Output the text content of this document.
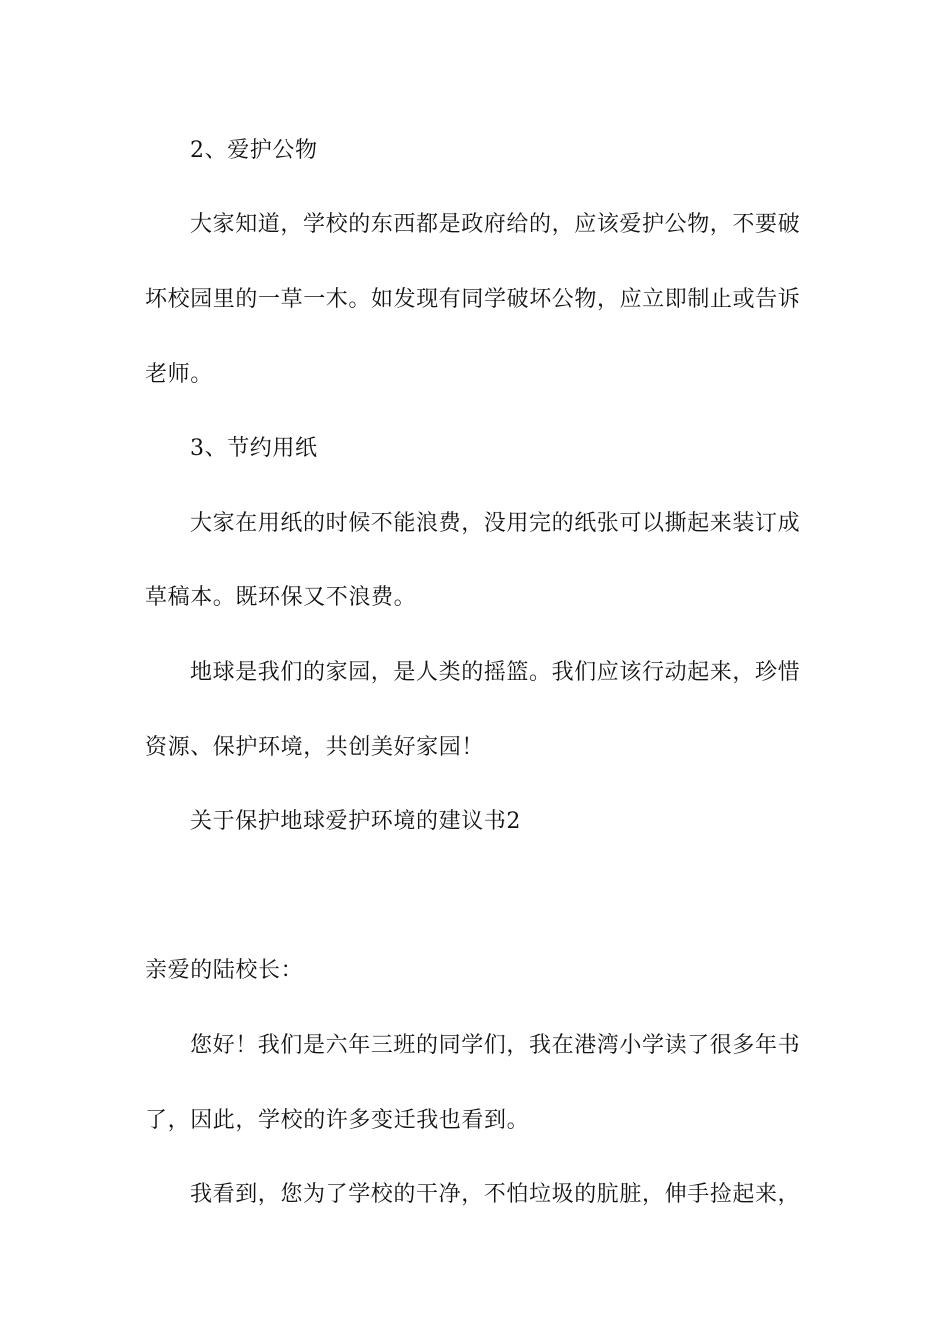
2、爱护公物
大家知道，学校的东西都是政府给的，应该爱护公物，不要破
坏校园里的一草一木。如发现有同学破坏公物，应立即制止或告诉
老师。
3、节约用纸
大家在用纸的时候不能浪费，没用完的纸张可以撕起来装订成
草稿本。既环保又不浪费。
地球是我们的家园，是人类的摇篮。我们应该行动起来，珍惜
资源、保护环境，共创美好家园！
关于保护地球爱护环境的建议书2
亲爱的陆校长：
您好！我们是六年三班的同学们，我在港湾小学读了很多年书
了，因此，学校的许多变迁我也看到。
我看到，您为了学校的干净，不怕垃圾的肮脏，伸手捡起来，
